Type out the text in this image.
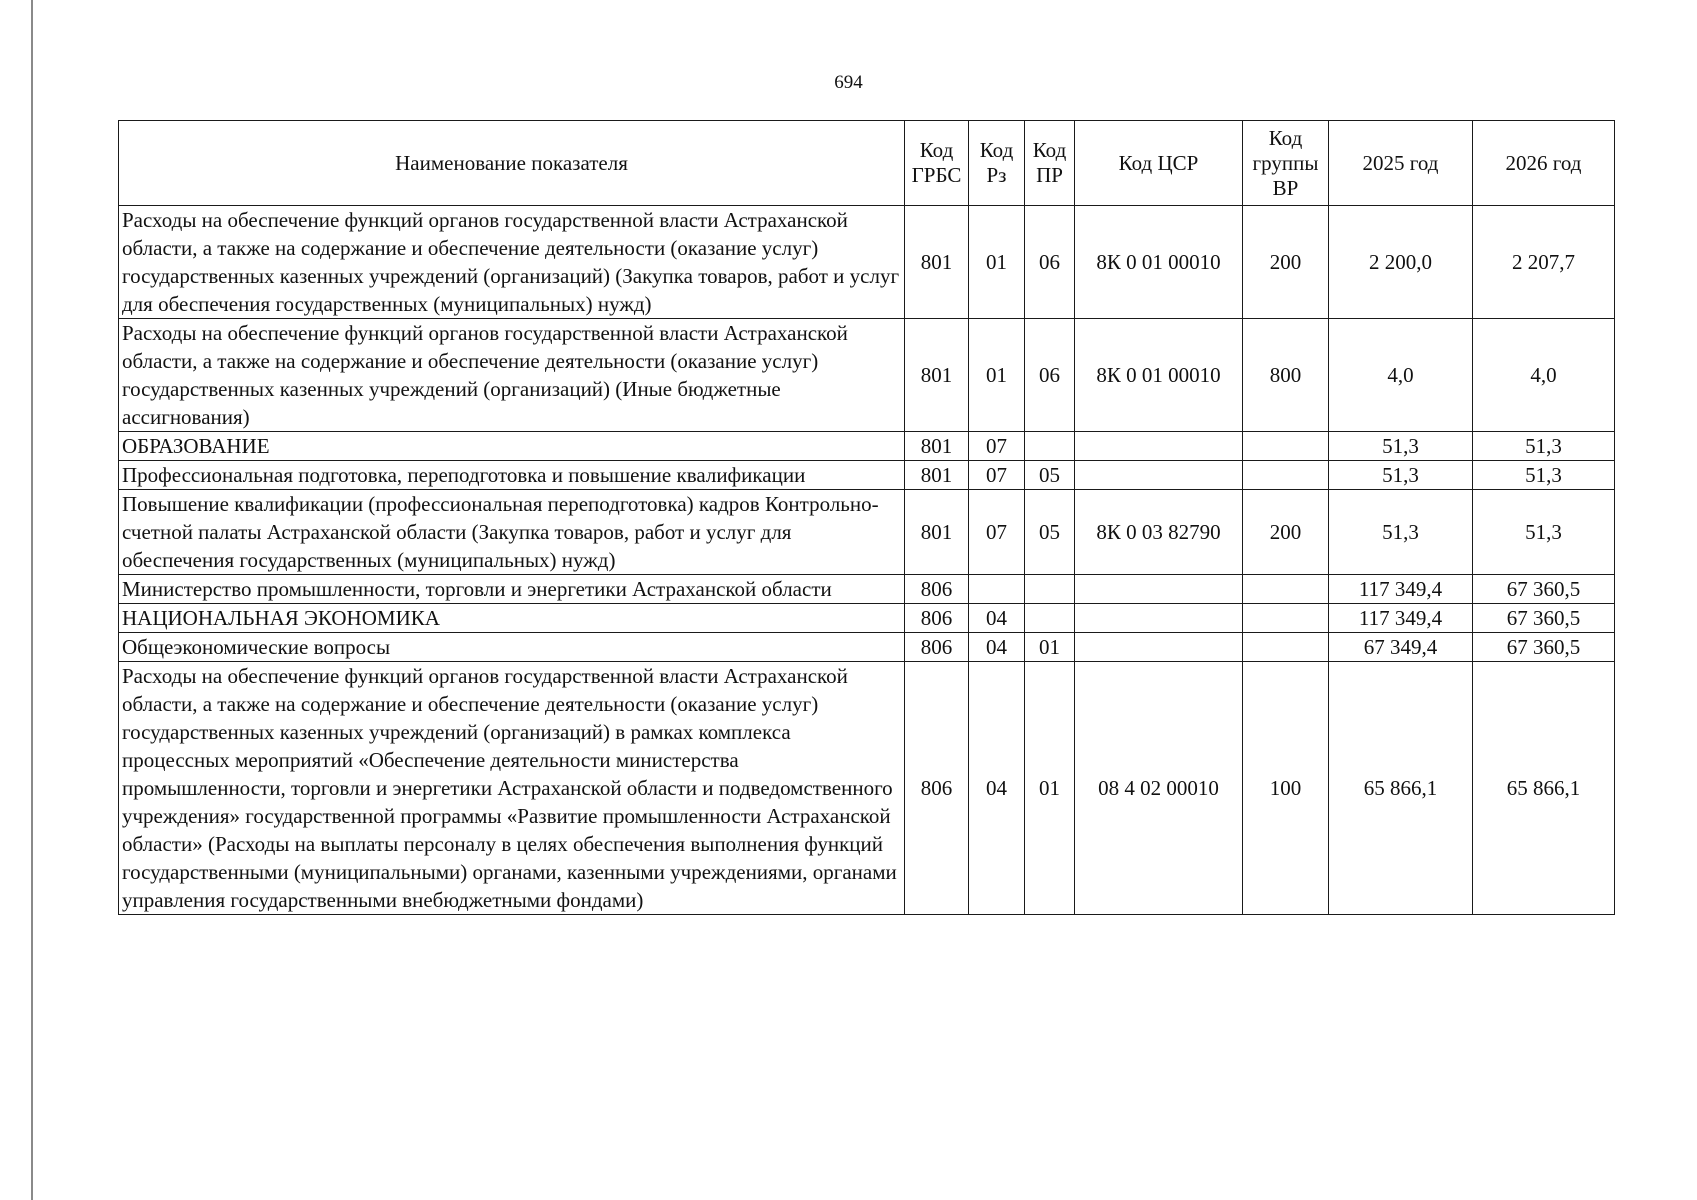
694
Наименование показателя	Код ГРБС	Код Рз	Код ПР	Код ЦСР	Код группы ВР	2025 год	2026 год
Расходы на обеспечение функций органов государственной власти Астраханской области, а также на содержание и обеспечение деятельности (оказание услуг) государственных казенных учреждений (организаций) (Закупка товаров, работ и услуг для обеспечения государственных (муниципальных) нужд)	801	01	06	8К 0 01 00010	200	2 200,0	2 207,7
Расходы на обеспечение функций органов государственной власти Астраханской области, а также на содержание и обеспечение деятельности (оказание услуг) государственных казенных учреждений (организаций) (Иные бюджетные ассигнования)	801	01	06	8К 0 01 00010	800	4,0	4,0
ОБРАЗОВАНИЕ	801	07				51,3	51,3
Профессиональная подготовка, переподготовка и повышение квалификации	801	07	05			51,3	51,3
Повышение квалификации (профессиональная переподготовка) кадров Контрольно-счетной палаты Астраханской области (Закупка товаров, работ и услуг для обеспечения государственных (муниципальных) нужд)	801	07	05	8К 0 03 82790	200	51,3	51,3
Министерство промышленности, торговли и энергетики Астраханской области	806					117 349,4	67 360,5
НАЦИОНАЛЬНАЯ ЭКОНОМИКА	806	04				117 349,4	67 360,5
Общеэкономические вопросы	806	04	01			67 349,4	67 360,5
Расходы на обеспечение функций органов государственной власти Астраханской области, а также на содержание и обеспечение деятельности (оказание услуг) государственных казенных учреждений (организаций) в рамках комплекса процессных мероприятий «Обеспечение деятельности министерства промышленности, торговли и энергетики Астраханской области и подведомственного учреждения» государственной программы «Развитие промышленности Астраханской области» (Расходы на выплаты персоналу в целях обеспечения выполнения функций государственными (муниципальными) органами, казенными учреждениями, органами управления государственными внебюджетными фондами)	806	04	01	08 4 02 00010	100	65 866,1	65 866,1
